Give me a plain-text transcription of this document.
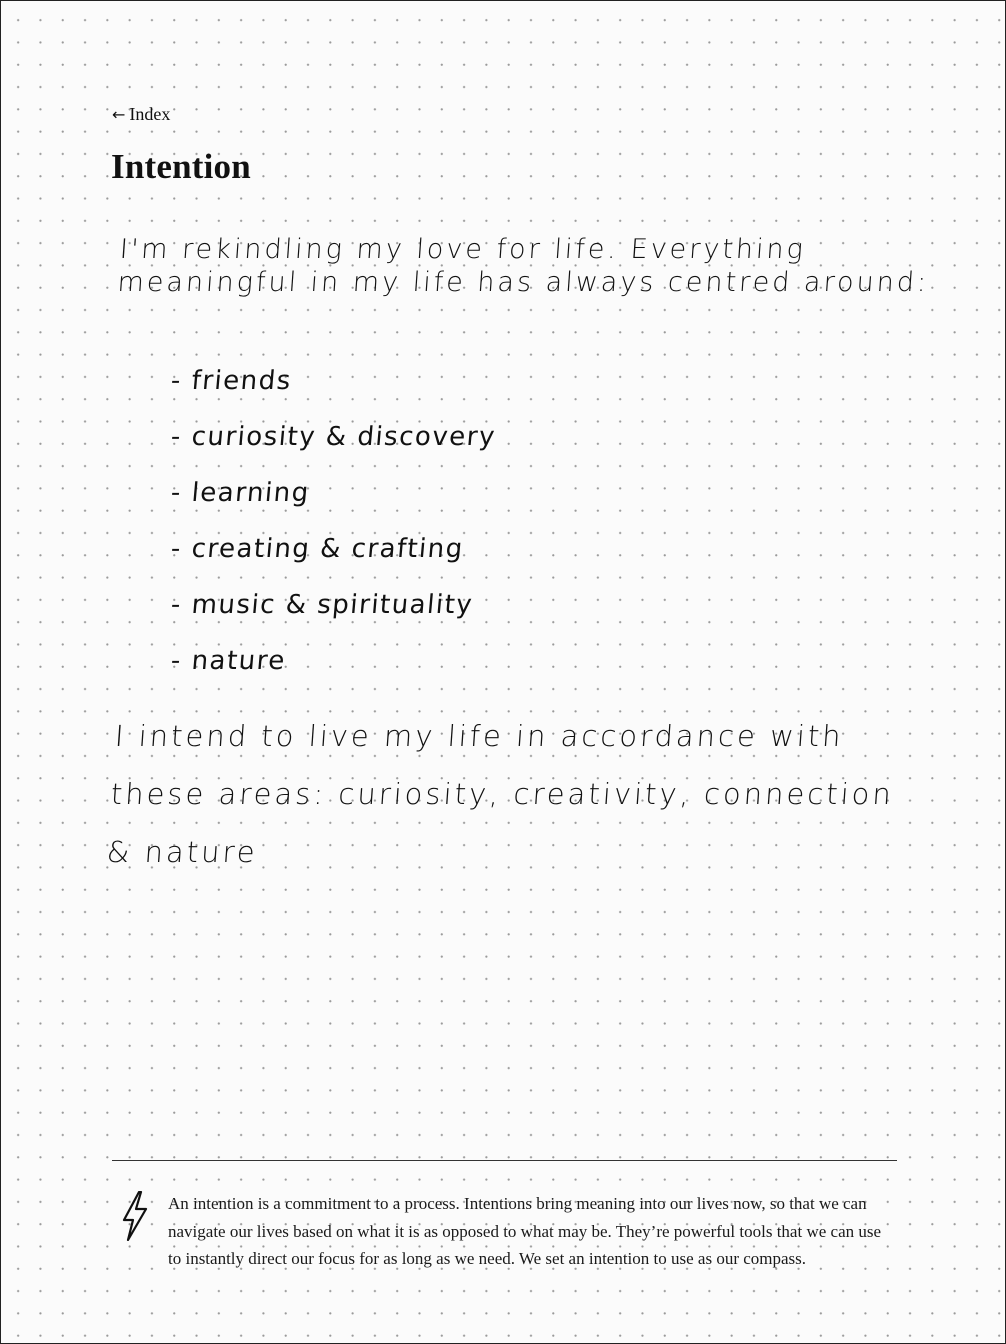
← Index
Intention
I'm rekindling my love for life. Everything meaningful in my life has always centred around:
- friends
- curiosity & discovery
- learning
- creating & crafting
- music & spirituality
- nature
I intend to live my life in accordance with these areas: curiosity, creativity, connection & nature

An intention is a commitment to a process. Intentions bring meaning into our lives now, so that we can navigate our lives based on what it is as opposed to what may be. They’re powerful tools that we can use to instantly direct our focus for as long as we need. We set an intention to use as our compass.
